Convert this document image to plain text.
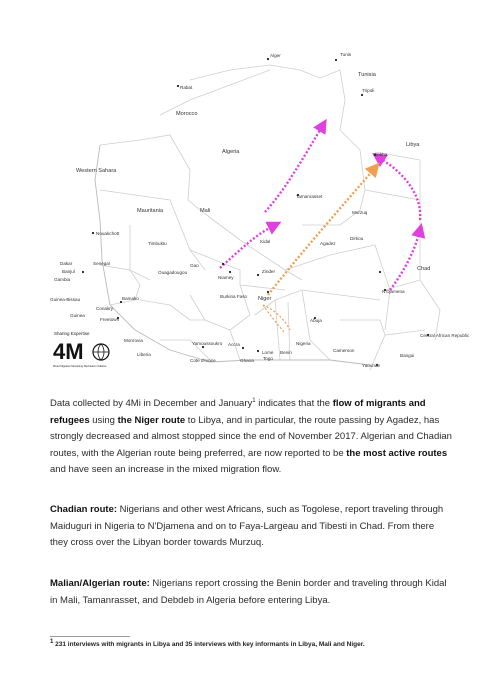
Tunis
Alger
Tunisia
Rabat
Tripoli
Morocco
Libya
Algeria	Sebha
Western Sahara
Tamanrasset
Murzuq
Mauritania	Mali
Nouakchott
Timbuktu	Kidal	Agadez
Dirkou
Chad
Dakar	Senegal
Gambia
Banjul	Ouagadougou
Gao
Niamey
Zinder
N'Djamena
Guinea-Bissau
Guinea
Conakry
Freetown
Bamako	Burkina Faso Niger
Abuja
Central African Republic
Monrovia
Liberia
Yamoussoukro Accra
Lome
Nigeria
Cameroon
Bangui
Cote d'Ivoire	Ghana Togo
Benin
Yaounde
Sharing Expertise
4M
Mixed Migration Monitoring Mechanism Initiative

Data collected by 4Mi in December and January$^1$ indicates that the flow of migrants and refugees using the Niger route to Libya, and in particular, the route passing by Agadez, has strongly decreased and almost stopped since the end of November 2017. Algerian and Chadian routes, with the Algerian route being preferred, are now reported to be the most active routes and have seen an increase in the mixed migration flow.

Chadian route: Nigerians and other west Africans, such as Togolese, report traveling through Maiduguri in Nigeria to N'Djamena and on to Faya-Largeau and Tibesti in Chad. From there they cross over the Libyan border towards Murzuq.

Malian/Algerian route: Nigerians report crossing the Benin border and traveling through Kidal in Mali, Tamanrasset, and Debdeb in Algeria before entering Libya.

$^1$ 231 interviews with migrants in Libya and 35 interviews with key informants in Libya, Mali and Niger.
